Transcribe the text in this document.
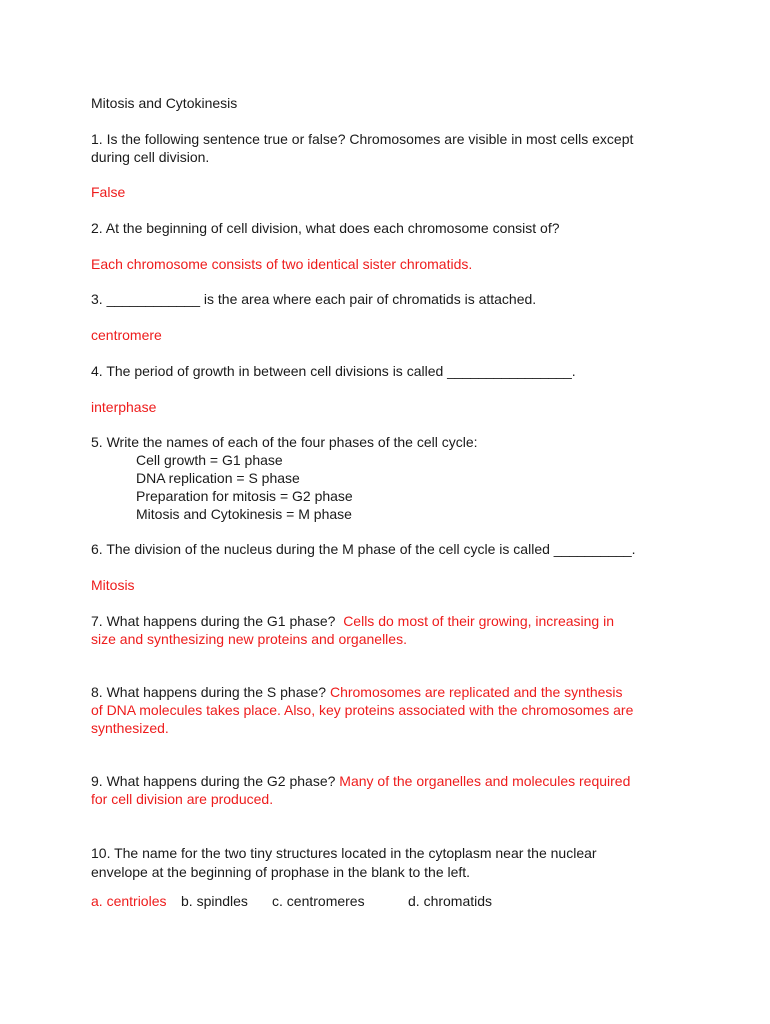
Mitosis and Cytokinesis
1. Is the following sentence true or false? Chromosomes are visible in most cells except
during cell division.
False
2. At the beginning of cell division, what does each chromosome consist of?
Each chromosome consists of two identical sister chromatids.
3. ____________ is the area where each pair of chromatids is attached.
centromere
4. The period of growth in between cell divisions is called ________________.
interphase
5. Write the names of each of the four phases of the cell cycle:
Cell growth = G1 phase
DNA replication = S phase
Preparation for mitosis = G2 phase
Mitosis and Cytokinesis = M phase
6. The division of the nucleus during the M phase of the cell cycle is called __________.
Mitosis
7. What happens during the G1 phase? Cells do most of their growing, increasing in
size and synthesizing new proteins and organelles.
8. What happens during the S phase? Chromosomes are replicated and the synthesis
of DNA molecules takes place. Also, key proteins associated with the chromosomes are
synthesized.
9. What happens during the G2 phase? Many of the organelles and molecules required
for cell division are produced.
10. The name for the two tiny structures located in the cytoplasm near the nuclear
envelope at the beginning of prophase in the blank to the left.
a. centrioles b. spindles c. centromeres	d. chromatids
